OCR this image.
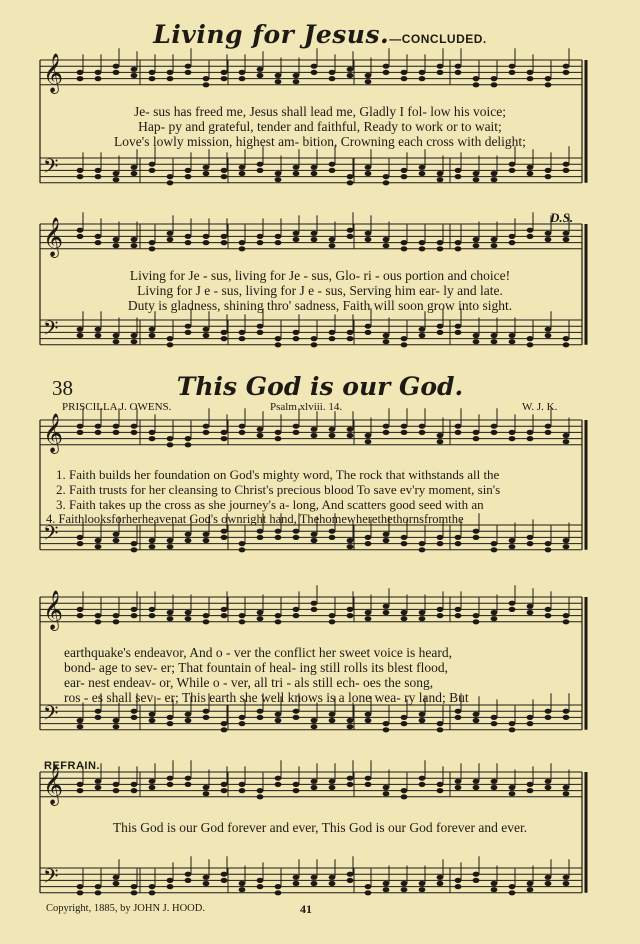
Living for Jesus.—CONCLUDED.
𝄞
𝄢
𝄞
𝄢
𝄞
𝄢
𝄞
𝄢
𝄞
𝄢
Je- sus has freed me, Jesus shall lead me, Gladly I fol- low his voice;
Hap- py and grateful, tender and faithful, Ready to work or to wait;
Love's lowly mission, highest am- bition, Crowning each cross with delight;
D.S.
Living for Je - sus, living for Je - sus, Glo- ri - ous portion and choice!
Living for J e - sus, living for J e - sus, Serving him ear- ly and late.
Duty is gladness, shining thro' sadness, Faith will soon grow into sight.
38	This God is our God.
PRISCILLA J. OWENS.	Psalm xlviii. 14.	W. J. K.
1. Faith builds her foundation on God's mighty word, The rock that withstands all the
2. Faith trusts for her cleansing to Christ's precious blood To save ev'ry moment, sin's
3. Faith takes up the cross as she journey's a- long, And scatters good seed with an
4. Faithlooksforherheavenat God's ownright hand, Thehomewherethethornsfromthe
earthquake's endeavor, And o - ver the conflict her sweet voice is heard,
bond- age to sev- er; That fountain of heal- ing still rolls its blest flood,
ear- nest endeav- or, While o - ver, all tri - als still ech- oes the song,
ros - es shall sev - er; This earth she well knows is a lone wea- ry land; But
REFRAIN.
This God is our God forever and ever, This God is our God forever and ever.
Copyright, 1885, by JOHN J. HOOD.	41
